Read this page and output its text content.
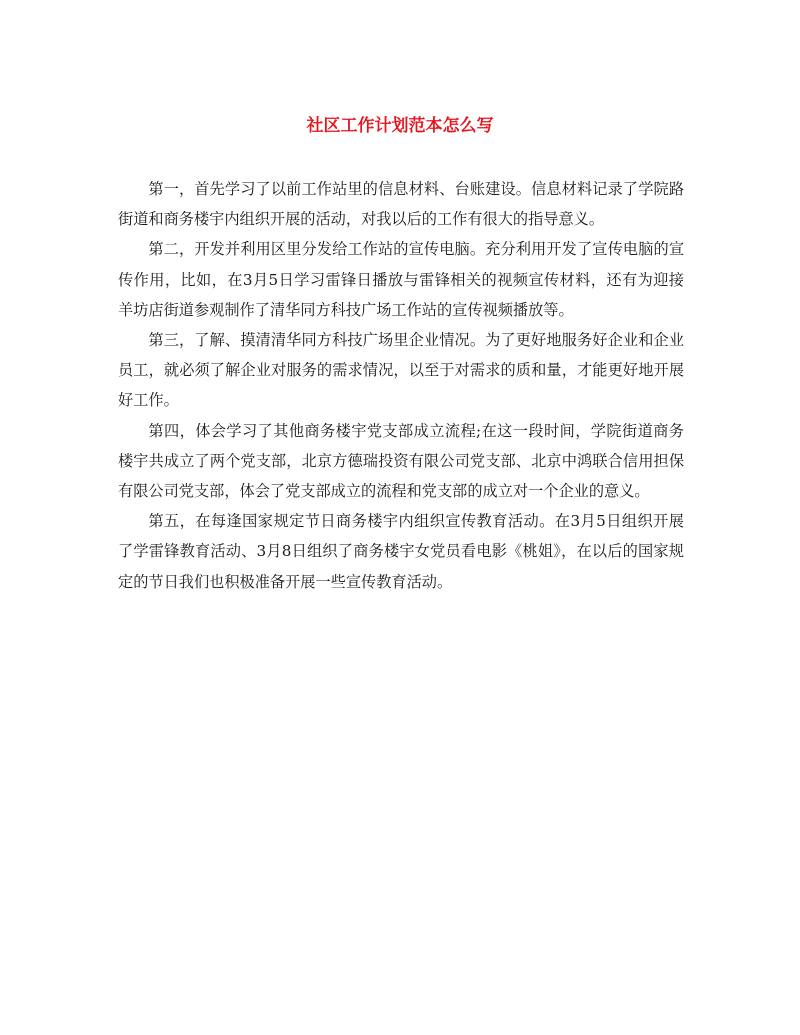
社区工作计划范本怎么写

第一，首先学习了以前工作站里的信息材料、台账建设。信息材料记录了学院路街道和商务楼宇内组织开展的活动，对我以后的工作有很大的指导意义。

第二，开发并利用区里分发给工作站的宣传电脑。充分利用开发了宣传电脑的宣传作用，比如，在3月5日学习雷锋日播放与雷锋相关的视频宣传材料，还有为迎接羊坊店街道参观制作了清华同方科技广场工作站的宣传视频播放等。

第三，了解、摸清清华同方科技广场里企业情况。为了更好地服务好企业和企业员工，就必须了解企业对服务的需求情况，以至于对需求的质和量，才能更好地开展好工作。

第四，体会学习了其他商务楼宇党支部成立流程;在这一段时间，学院街道商务楼宇共成立了两个党支部，北京方德瑞投资有限公司党支部、北京中鸿联合信用担保有限公司党支部，体会了党支部成立的流程和党支部的成立对一个企业的意义。

第五，在每逢国家规定节日商务楼宇内组织宣传教育活动。在3月5日组织开展了学雷锋教育活动、3月8日组织了商务楼宇女党员看电影《桃姐》，在以后的国家规定的节日我们也积极准备开展一些宣传教育活动。
